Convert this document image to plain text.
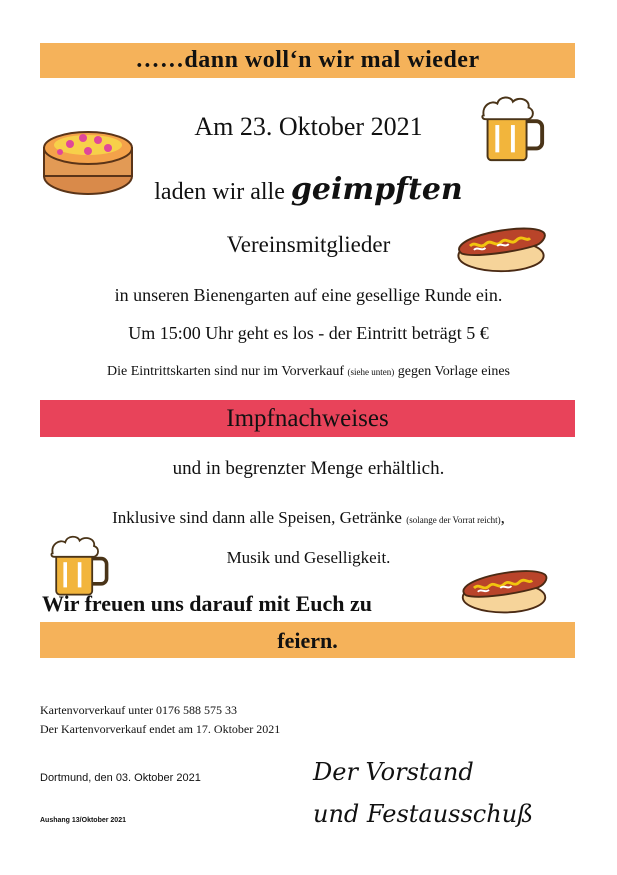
……dann woll‘n wir mal wieder
Am 23. Oktober 2021
laden wir alle geimpften
Vereinsmitglieder
in unseren Bienengarten auf eine gesellige Runde ein.
Um 15:00 Uhr geht es los - der Eintritt beträgt 5 €
Die Eintrittskarten sind nur im Vorverkauf (siehe unten) gegen Vorlage eines
Impfnachweises
und in begrenzter Menge erhältlich.
Inklusive sind dann alle Speisen, Getränke (solange der Vorrat reicht),
Musik und Geselligkeit.
Wir freuen uns darauf mit Euch zu
feiern.
Kartenvorverkauf unter 0176 588 575 33
Der Kartenvorverkauf endet am 17. Oktober 2021
Dortmund, den 03. Oktober 2021
Aushang 13/Oktober 2021
Der Vorstand
und Festausschuß
